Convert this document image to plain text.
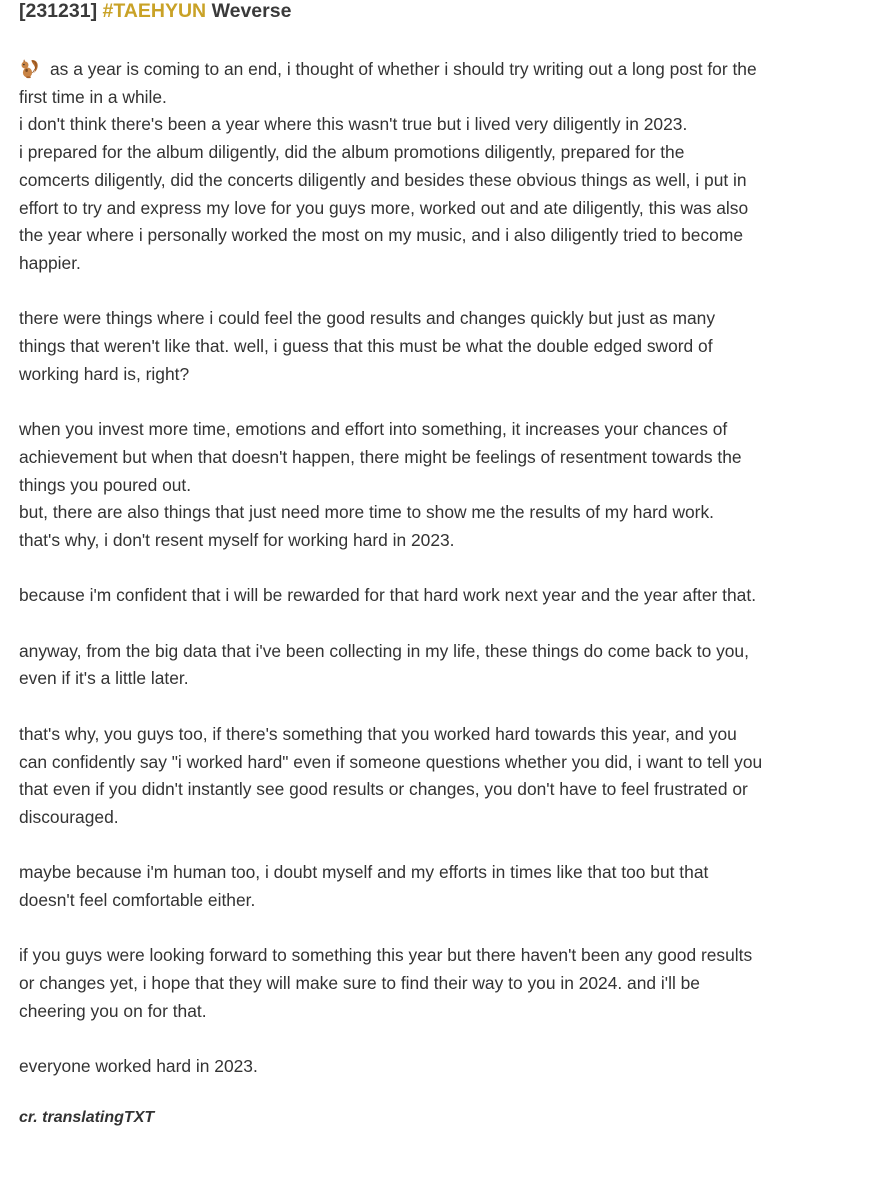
[231231] #TAEHYUN Weverse
as a year is coming to an end, i thought of whether i should try writing out a long post for the
first time in a while.
i don't think there's been a year where this wasn't true but i lived very diligently in 2023.
i prepared for the album diligently, did the album promotions diligently, prepared for the
comcerts diligently, did the concerts diligently and besides these obvious things as well, i put in
effort to try and express my love for you guys more, worked out and ate diligently, this was also
the year where i personally worked the most on my music, and i also diligently tried to become
happier.
there were things where i could feel the good results and changes quickly but just as many
things that weren't like that. well, i guess that this must be what the double edged sword of
working hard is, right?
when you invest more time, emotions and effort into something, it increases your chances of
achievement but when that doesn't happen, there might be feelings of resentment towards the
things you poured out.
but, there are also things that just need more time to show me the results of my hard work.
that's why, i don't resent myself for working hard in 2023.
because i'm confident that i will be rewarded for that hard work next year and the year after that.
anyway, from the big data that i've been collecting in my life, these things do come back to you,
even if it's a little later.
that's why, you guys too, if there's something that you worked hard towards this year, and you
can confidently say "i worked hard" even if someone questions whether you did, i want to tell you
that even if you didn't instantly see good results or changes, you don't have to feel frustrated or
discouraged.
maybe because i'm human too, i doubt myself and my efforts in times like that too but that
doesn't feel comfortable either.
if you guys were looking forward to something this year but there haven't been any good results
or changes yet, i hope that they will make sure to find their way to you in 2024. and i'll be
cheering you on for that.
everyone worked hard in 2023.
cr. translatingTXT
